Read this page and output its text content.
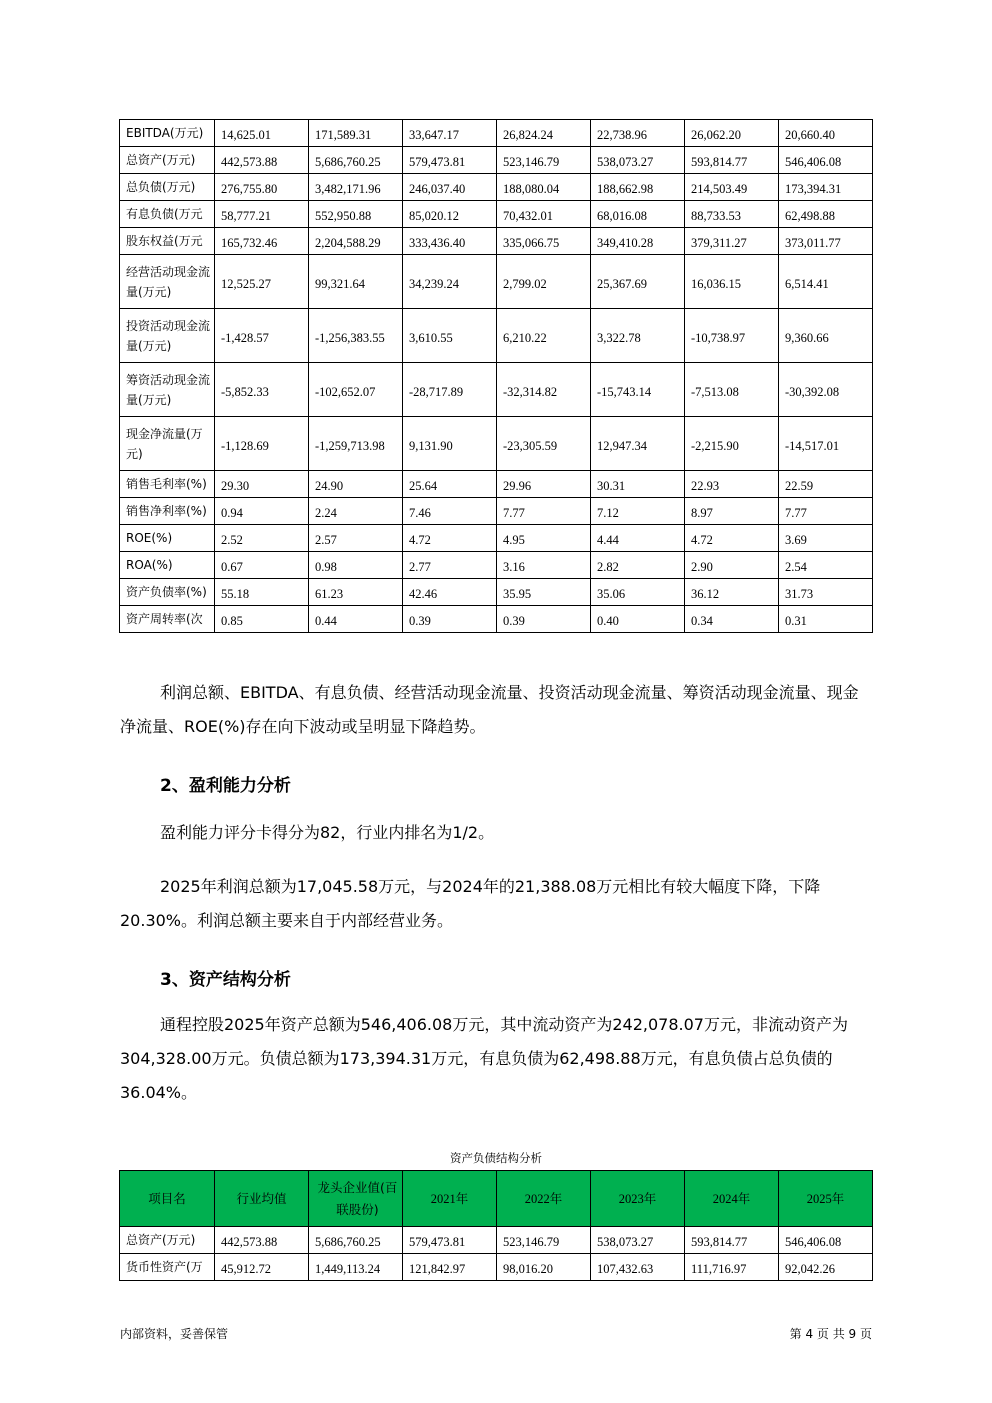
EBITDA(万元)	14,625.01	171,589.31	33,647.17	26,824.24	22,738.96	26,062.20	20,660.40
总资产(万元)	442,573.88	5,686,760.25	579,473.81	523,146.79	538,073.27	593,814.77	546,406.08
总负债(万元)	276,755.80	3,482,171.96	246,037.40	188,080.04	188,662.98	214,503.49	173,394.31
有息负债(万元	58,777.21	552,950.88	85,020.12	70,432.01	68,016.08	88,733.53	62,498.88
股东权益(万元	165,732.46	2,204,588.29	333,436.40	335,066.75	349,410.28	379,311.27	373,011.77
经营活动现金流量(万元)	12,525.27	99,321.64	34,239.24	2,799.02	25,367.69	16,036.15	6,514.41
投资活动现金流量(万元)	-1,428.57	-1,256,383.55	3,610.55	6,210.22	3,322.78	-10,738.97	9,360.66
筹资活动现金流量(万元)	-5,852.33	-102,652.07	-28,717.89	-32,314.82	-15,743.14	-7,513.08	-30,392.08
现金净流量(万元)	-1,128.69	-1,259,713.98	9,131.90	-23,305.59	12,947.34	-2,215.90	-14,517.01
销售毛利率(%)	29.30	24.90	25.64	29.96	30.31	22.93	22.59
销售净利率(%)	0.94	2.24	7.46	7.77	7.12	8.97	7.77
ROE(%)	2.52	2.57	4.72	4.95	4.44	4.72	3.69
ROA(%)	0.67	0.98	2.77	3.16	2.82	2.90	2.54
资产负债率(%)	55.18	61.23	42.46	35.95	35.06	36.12	31.73
资产周转率(次	0.85	0.44	0.39	0.39	0.40	0.34	0.31

利润总额、EBITDA、有息负债、经营活动现金流量、投资活动现金流量、筹资活动现金流量、现金净流量、ROE(%)存在向下波动或呈明显下降趋势。

2、盈利能力分析

盈利能力评分卡得分为82，行业内排名为1/2。

2025年利润总额为17,045.58万元，与2024年的21,388.08万元相比有较大幅度下降，下降20.30%。利润总额主要来自于内部经营业务。

3、资产结构分析

通程控股2025年资产总额为546,406.08万元，其中流动资产为242,078.07万元，非流动资产为304,328.00万元。负债总额为173,394.31万元，有息负债为62,498.88万元，有息负债占总负债的36.04%。

资产负债结构分析
项目名	行业均值	龙头企业值(百联股份)	2021年	2022年	2023年	2024年	2025年
总资产(万元)	442,573.88	5,686,760.25	579,473.81	523,146.79	538,073.27	593,814.77	546,406.08
货币性资产(万	45,912.72	1,449,113.24	121,842.97	98,016.20	107,432.63	111,716.97	92,042.26
内部资料，妥善保管	第 4 页 共 9 页
